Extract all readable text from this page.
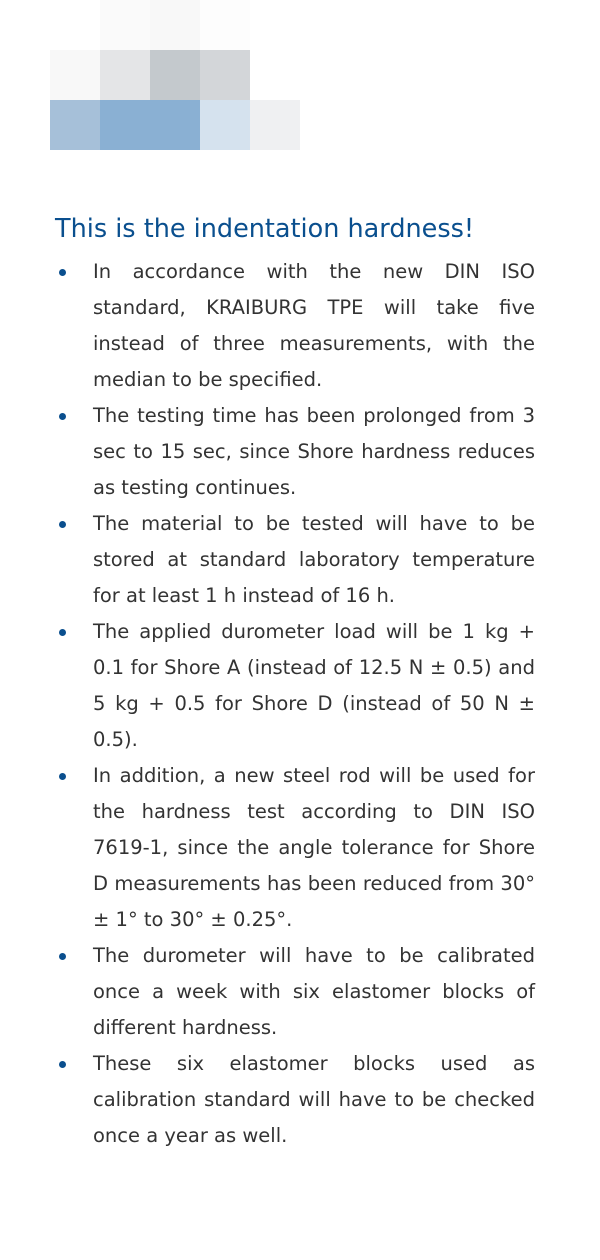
This is the indentation hardness!
In accordance with the new DIN ISO standard, KRAIBURG TPE will take five instead of three measurements, with the median to be specified.
The testing time has been prolonged from 3 sec to 15 sec, since Shore hardness reduces as testing continues.
The material to be tested will have to be stored at standard laboratory temperature for at least 1 h instead of 16 h.
The applied durometer load will be 1 kg + 0.1 for Shore A (instead of 12.5 N ± 0.5) and 5 kg + 0.5 for Shore D (instead of 50 N ± 0.5).
In addition, a new steel rod will be used for the hardness test according to DIN ISO 7619-1, since the angle tolerance for Shore D measurements has been reduced from 30° ± 1° to 30° ± 0.25°.
The durometer will have to be calibrated once a week with six elastomer blocks of different hardness.
These six elastomer blocks used as calibration standard will have to be checked once a year as well.
